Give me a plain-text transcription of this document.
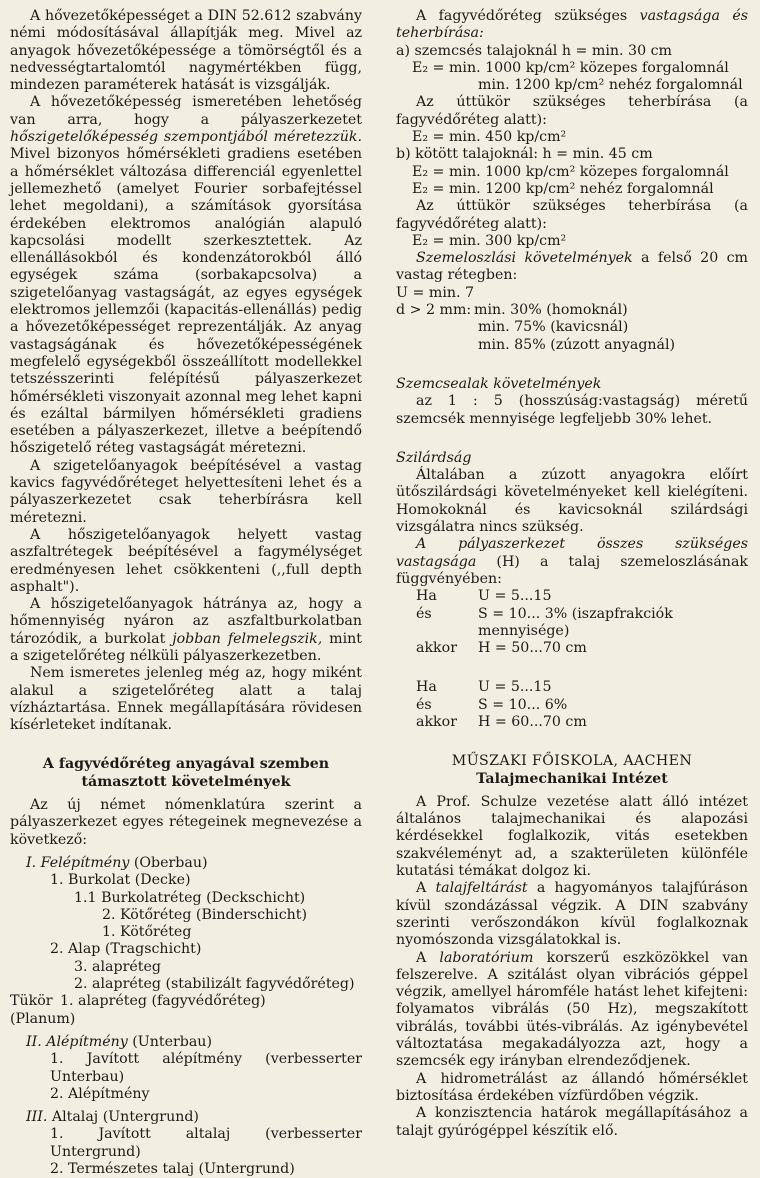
A hővezetőképességet a DIN 52.612 szabvány némi módosításával állapítják meg. Mivel az anyagok hővezetőképessége a tömörségtől és a nedvességtartalomtól nagymértékben függ, mindezen paraméterek hatását is vizsgálják.

A hővezetőképesség ismeretében lehetőség van arra, hogy a pályaszerkezetet hőszigetelőképesség szempontjából méretezzük. Mivel bizonyos hőmérsékleti gradiens esetében a hőmérséklet változása differenciál egyenlettel jellemezhető (amelyet Fourier sorbafejtéssel lehet megoldani), a számítások gyorsítása érdekében elektromos analógián alapuló kapcsolási modellt szerkesztettek. Az ellenállásokból és kondenzátorokból álló egységek száma (sorbakapcsolva) a szigetelőanyag vastagságát, az egyes egységek elektromos jellemzői (kapacitás-ellenállás) pedig a hővezetőképességet reprezentálják. Az anyag vastagságának és hővezetőképességének megfelelő egységekből összeállított modellekkel tetszésszerinti felépítésű pályaszerkezet hőmérsékleti viszonyait azonnal meg lehet kapni és ezáltal bármilyen hőmérsékleti gradiens esetében a pályaszerkezet, illetve a beépítendő hőszigetelő réteg vastagságát méretezni.

A szigetelőanyagok beépítésével a vastag kavics fagyvédőréteget helyettesíteni lehet és a pályaszerkezetet csak teherbírásra kell méretezni.

A hőszigetelőanyagok helyett vastag aszfaltrétegek beépítésével a fagymélységet eredményesen lehet csökkenteni (,,full depth asphalt").

A hőszigetelőanyagok hátránya az, hogy a hőmennyiség nyáron az aszfaltburkolatban tározódik, a burkolat jobban felmelegszik, mint a szigetelőréteg nélküli pályaszerkezetben.

Nem ismeretes jelenleg még az, hogy miként alakul a szigetelőréteg alatt a talaj vízháztartása. Ennek megállapítására rövidesen kísérleteket indítanak.

A fagyvédőréteg anyagával szemben támasztott követelmények

Az új német nómenklatúra szerint a pályaszerkezet egyes rétegeinek megnevezése a következő:

I. Felépítmény (Oberbau)

1. Burkolat (Decke)

1.1 Burkolatréteg (Deckschicht)

2. Kötőréteg (Binderschicht)

1. Kötőréteg

2. Alap (Tragschicht)

3. alapréteg

2. alapréteg (stabilizált fagyvédőréteg)

Tükör 1. alapréteg (fagyvédőréteg)

(Planum)

II. Alépítmény (Unterbau)

1. Javított alépítmény (verbesserter Unterbau)

2. Alépítmény

III. Altalaj (Untergrund)

1. Javított altalaj (verbesserter Untergrund)

2. Természetes talaj (Untergrund)

A fagyvédőréteg szükséges vastagsága és teherbírása:

a) szemcsés talajoknál h = min. 30 cm

E₂ = min. 1000 kp/cm² közepes forgalomnál

min. 1200 kp/cm² nehéz forgalomnál

Az úttükör szükséges teherbírása (a fagyvédőréteg alatt):

E₂ = min. 450 kp/cm²

b) kötött talajoknál: h = min. 45 cm

E₂ = min. 1000 kp/cm² közepes forgalomnál

E₂ = min. 1200 kp/cm² nehéz forgalomnál

Az úttükör szükséges teherbírása (a fagyvédőréteg alatt):

E₂ = min. 300 kp/cm²

Szemeloszlási követelmények a felső 20 cm vastag rétegben:

U = min. 7

d > 2 mm: min. 30% (homoknál)

min. 75% (kavicsnál)

min. 85% (zúzott anyagnál)

Szemcsealak követelmények

az 1 : 5 (hosszúság:vastagság) méretű szemcsék mennyisége legfeljebb 30% lehet.

Szilárdság

Általában a zúzott anyagokra előírt ütőszilárdsági követelményeket kell kielégíteni. Homokoknál és kavicsoknál szilárdsági vizsgálatra nincs szükség.

A pályaszerkezet összes szükséges vastagsága (H) a talaj szemeloszlásának függvényében:

Ha	U = 5...15
és	S = 10... 3% (iszapfrakciók mennyisége)
akkor	H = 50...70 cm
Ha	U = 5...15
és	S = 10... 6%
akkor	H = 60...70 cm

MŰSZAKI FŐISKOLA, AACHEN

Talajmechanikai Intézet

A Prof. Schulze vezetése alatt álló intézet általános talajmechanikai és alapozási kérdésekkel foglalkozik, vitás esetekben szakvéleményt ad, a szakterületen különféle kutatási témákat dolgoz ki.

A talajfeltárást a hagyományos talajfúráson kívül szondázással végzik. A DIN szabvány szerinti verőszondákon kívül foglalkoznak nyomószonda vizsgálatokkal is.

A laboratórium korszerű eszközökkel van felszerelve. A szitálást olyan vibrációs géppel végzik, amellyel háromféle hatást lehet kifejteni: folyamatos vibrálás (50 Hz), megszakított vibrálás, további ütés-vibrálás. Az igénybevétel változtatása megakadályozza azt, hogy a szemcsék egy irányban elrendeződjenek.

A hidrometrálást az állandó hőmérséklet biztosítása érdekében vízfürdőben végzik.

A konzisztencia határok megállapításához a talajt gyúrógéppel készítik elő.
